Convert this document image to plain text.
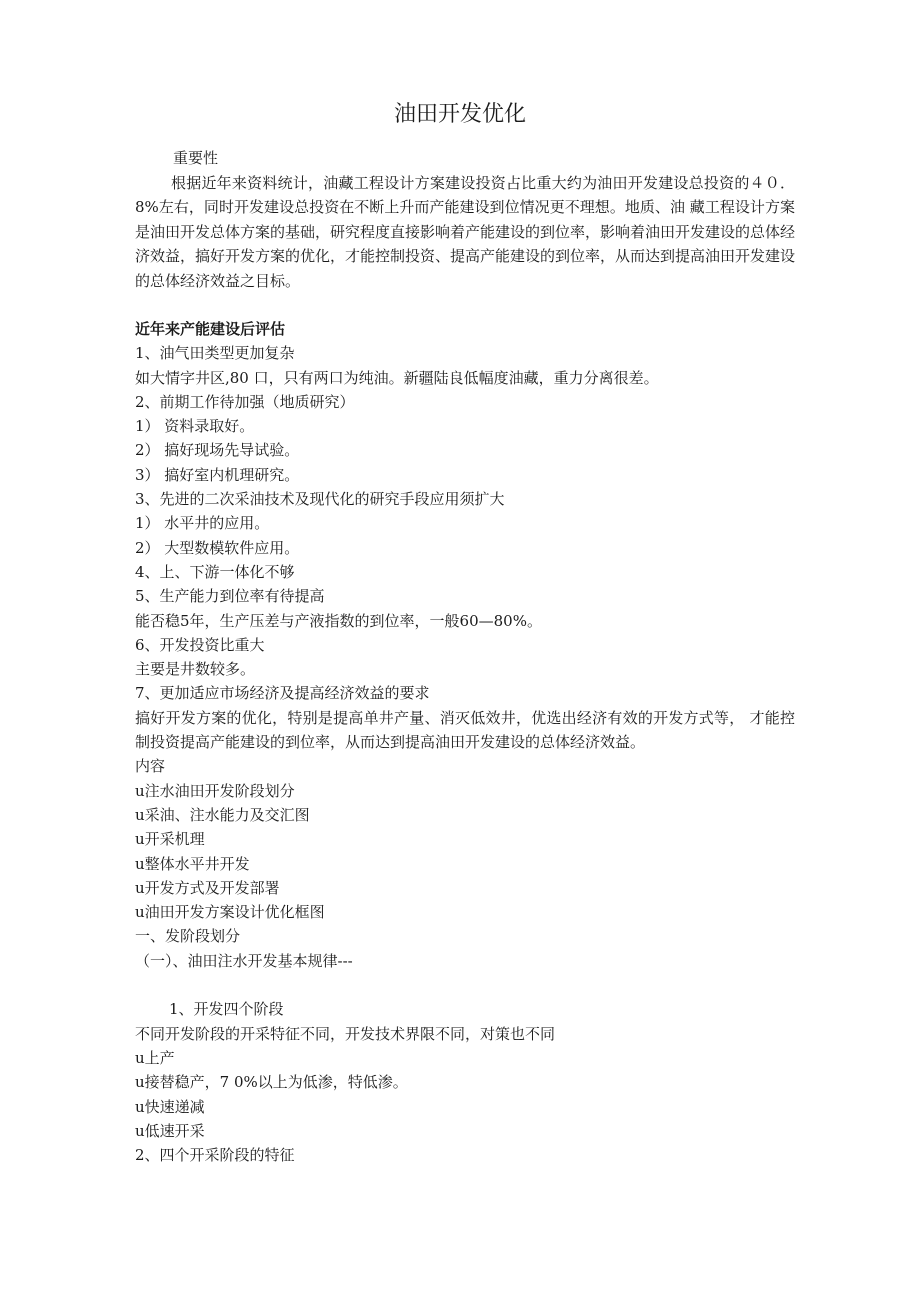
油田开发优化

重要性

根据近年来资料统计，油藏工程设计方案建设投资占比重大约为油田开发建设总投资的４０．8%左右，同时开发建设总投资在不断上升而产能建设到位情况更不理想。地质、油 藏工程设计方案是油田开发总体方案的基础，研究程度直接影响着产能建设的到位率，影响着油田开发建设的总体经济效益，搞好开发方案的优化，才能控制投资、提高产能建设的到位率，从而达到提高油田开发建设的总体经济效益之目标。

近年来产能建设后评估

1、油气田类型更加复杂

如大情字井区,80 口，只有两口为纯油。新疆陆良低幅度油藏，重力分离很差。

2、前期工作待加强（地质研究）

1） 资料录取好。

2） 搞好现场先导试验。

3） 搞好室内机理研究。

3、先进的二次采油技术及现代化的研究手段应用须扩大

1） 水平井的应用。

2） 大型数模软件应用。

4、上、下游一体化不够

5、生产能力到位率有待提高

能否稳5年，生产压差与产液指数的到位率，一般60—80%。

6、开发投资比重大

主要是井数较多。

7、更加适应市场经济及提高经济效益的要求

搞好开发方案的优化，特别是提高单井产量、消灭低效井，优选出经济有效的开发方式等， 才能控制投资提高产能建设的到位率，从而达到提高油田开发建设的总体经济效益。

内容

u注水油田开发阶段划分

u采油、注水能力及交汇图

u开采机理

u整体水平井开发

u开发方式及开发部署

u油田开发方案设计优化框图

一、发阶段划分

（一）、油田注水开发基本规律---

1、开发四个阶段

不同开发阶段的开采特征不同，开发技术界限不同，对策也不同

u上产

u接替稳产，7 0%以上为低渗，特低渗。

u快速递减

u低速开采

2、四个开采阶段的特征
